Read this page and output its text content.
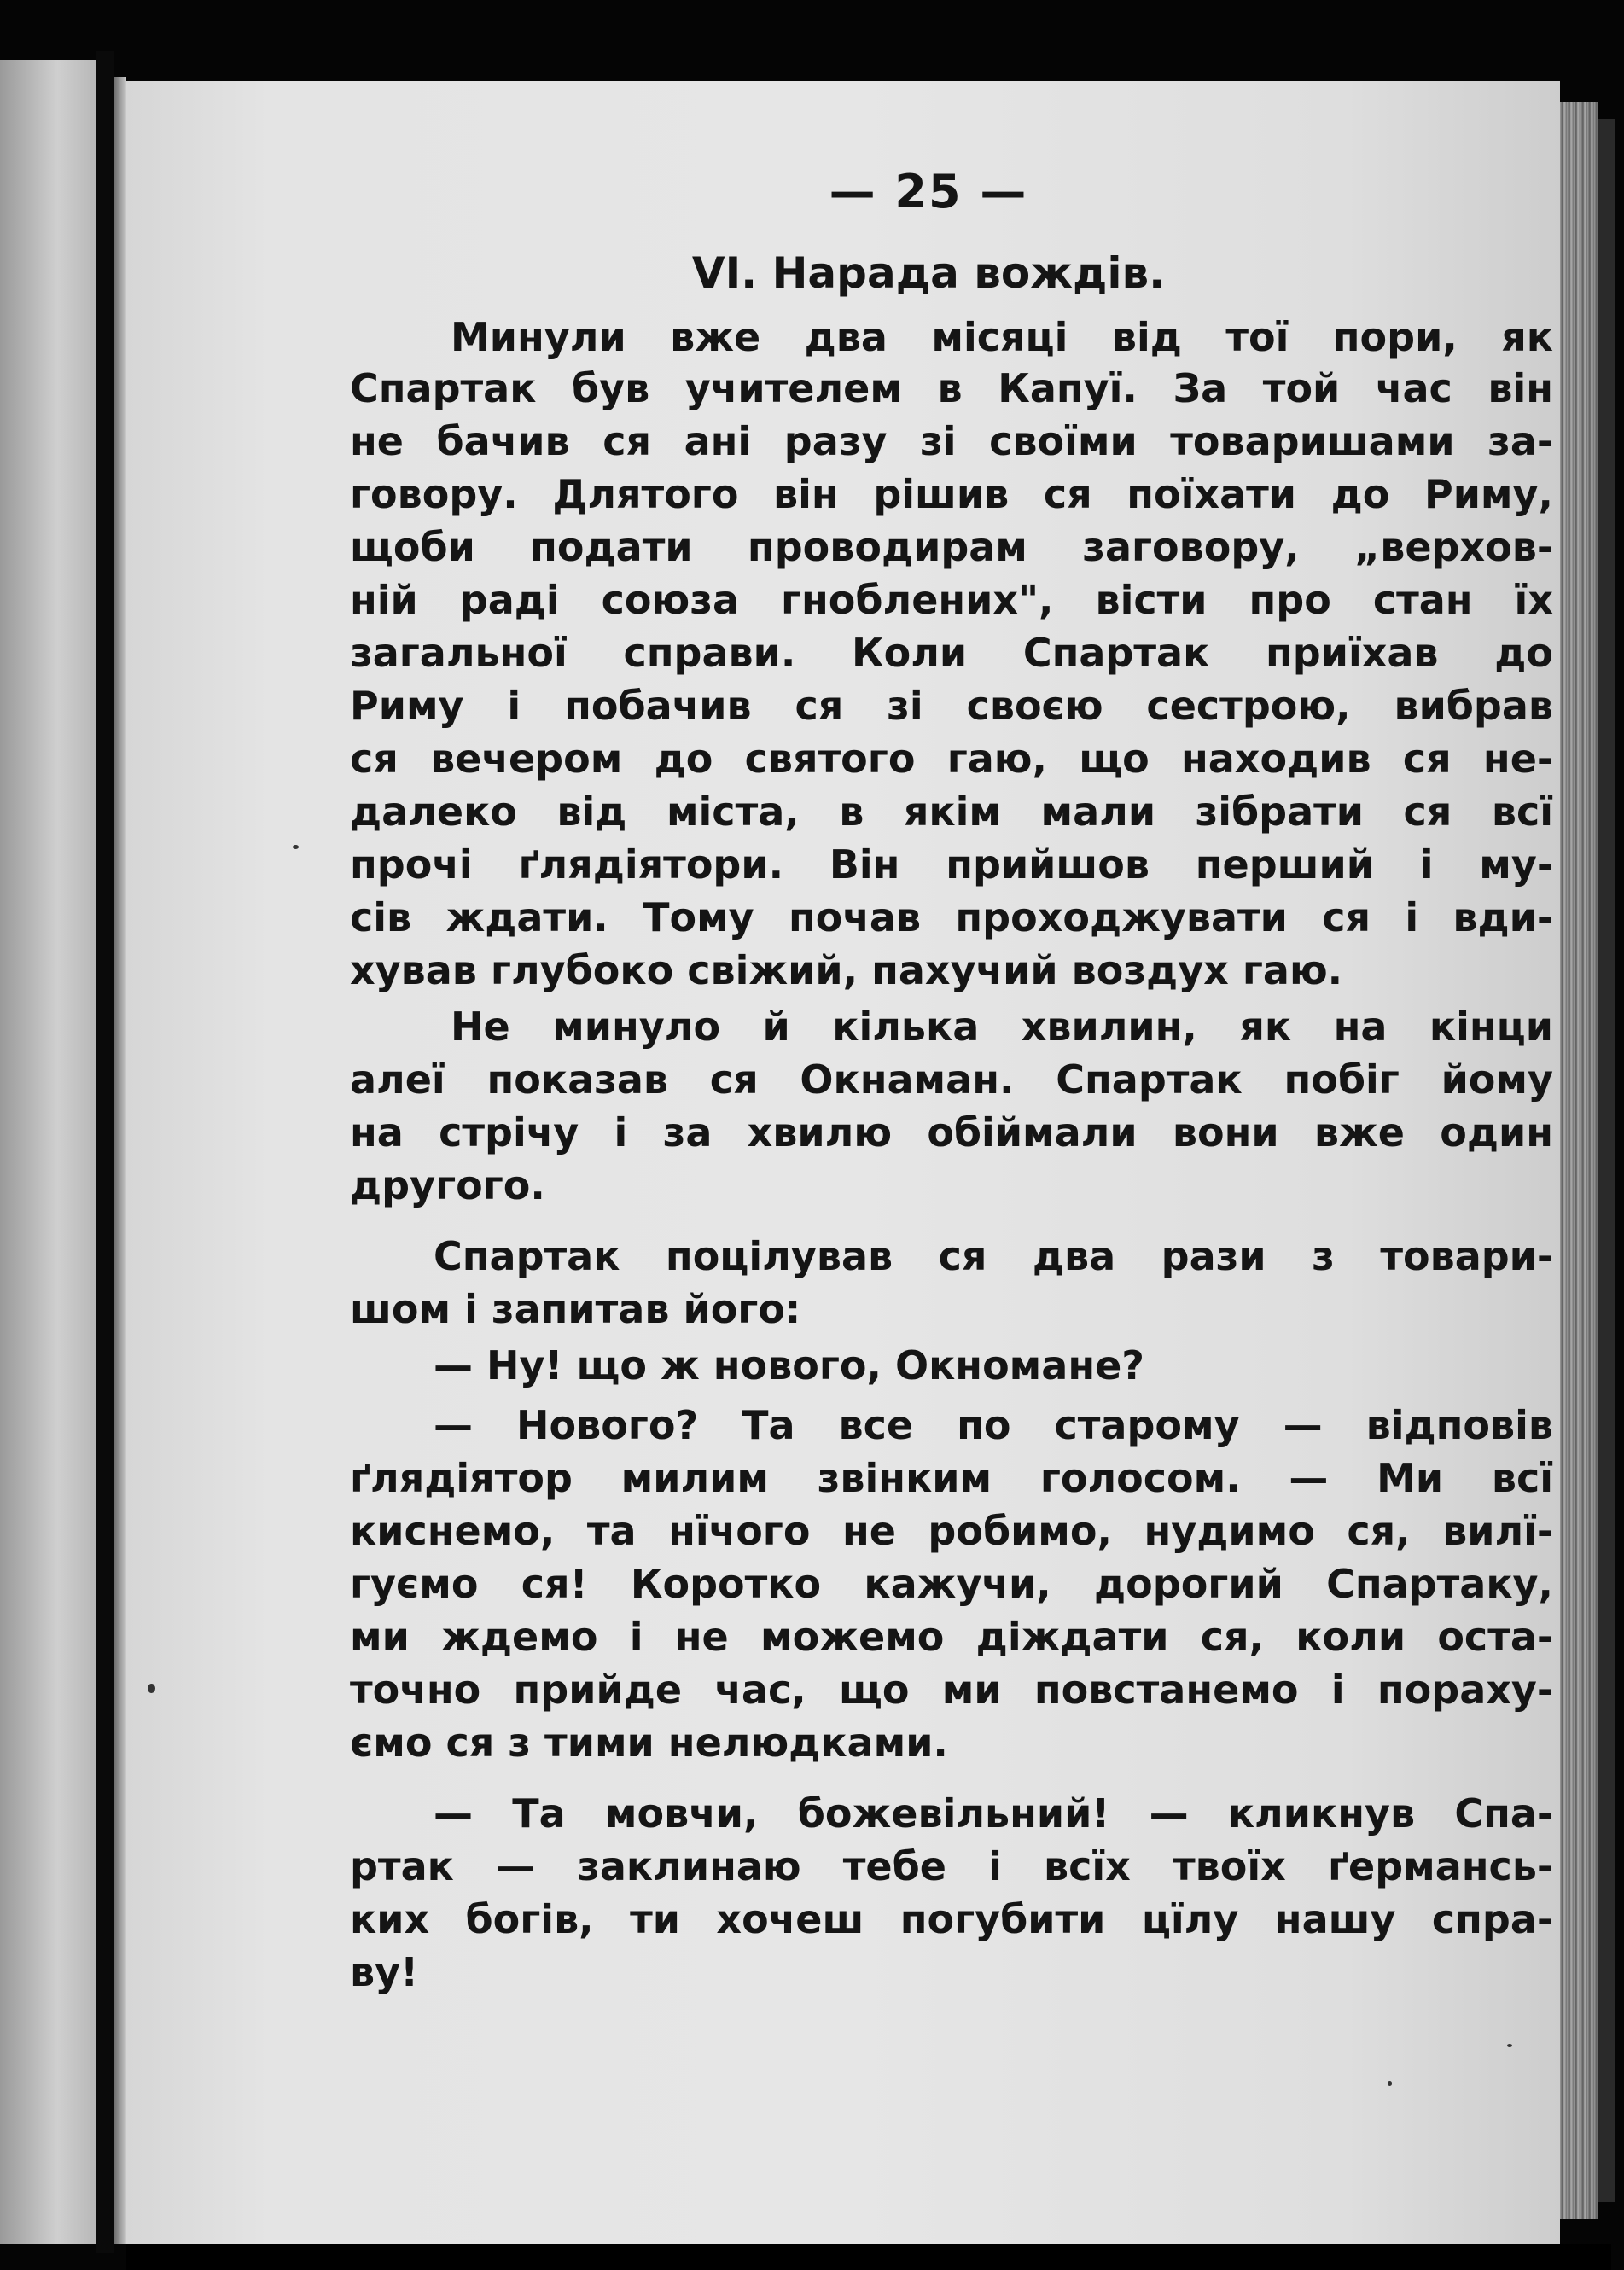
— 25 —
VI. Нарада вождів.
Минули вже два місяці від тої пори, як
Спартак був учителем в Капуї. За той час він
не бачив ся ані разу зі своїми товаришами за-
говору. Длятого він рішив ся поїхати до Риму,
щоби подати проводирам заговору, „верхов-
ній раді союза гноблених", вісти про стан їх
загальної справи. Коли Спартак приїхав до
Риму і побачив ся зі своєю сестрою, вибрав
ся вечером до святого гаю, що находив ся не-
далеко від міста, в якім мали зібрати ся всї
прочі ґлядіятори. Він прийшов перший і му-
сів ждати. Тому почав проходжувати ся і вди-
хував глубоко свіжий, пахучий воздух гаю.
Не минуло й кілька хвилин, як на кінци
алеї показав ся Окнаман. Спартак побіг йому
на стрічу і за хвилю обіймали вони вже один
другого.
Спартак поцілував ся два рази з товари-
шом і запитав його:
— Ну! що ж нового, Окномане?
— Нового? Та все по старому — відповів
ґлядіятор милим звінким голосом. — Ми всї
киснемо, та нїчого не робимо, нудимо ся, вилї-
гуємо ся! Коротко кажучи, дорогий Спартаку,
ми ждемо і не можемо діждати ся, коли оста-
точно прийде час, що ми повстанемо і пораху-
ємо ся з тими нелюдками.
— Та мовчи, божевільний! — кликнув Спа-
ртак — заклинаю тебе і всїх твоїх ґерманcь-
ких богів, ти хочеш погубити цїлу нашу спра-
ву!
